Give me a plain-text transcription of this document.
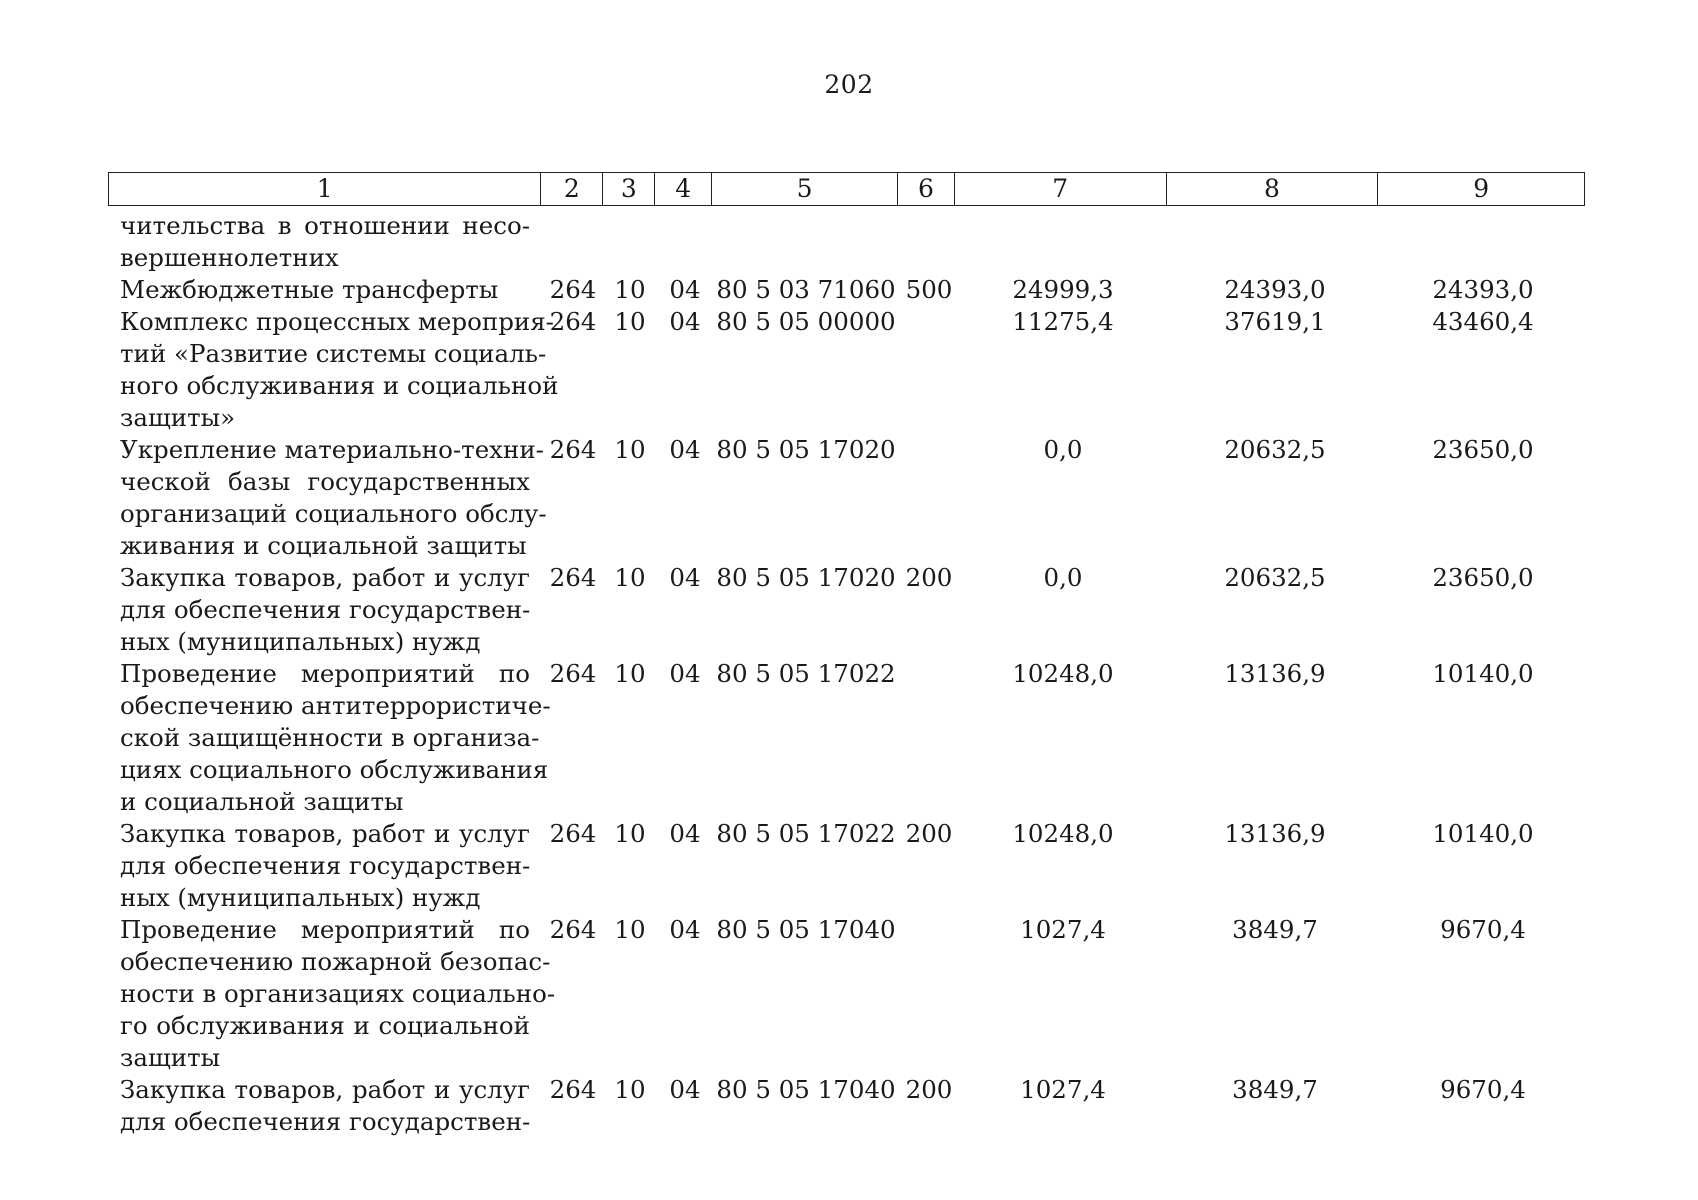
202
1	2	3	4	5	6	7	8	9
чительства в отношении несо-
вершеннолетних
Межбюджетные трансферты	264 10 04 80 5 03 71060 500	24999,3	24393,0	24393,0
Комплекс процессных мероприя-
тий «Развитие системы социаль-
ного обслуживания и социальной
защиты»
264 10 04 80 5 05 00000	11275,4	37619,1	43460,4
Укрепление материально-техни-
ческой базы государственных
организаций социального обслу-
живания и социальной защиты
264 10 04 80 5 05 17020	0,0	20632,5	23650,0
Закупка товаров, работ и услуг
для обеспечения государствен-
ных (муниципальных) нужд
264 10 04 80 5 05 17020 200	0,0	20632,5	23650,0
Проведение мероприятий по
обеспечению антитеррористиче-
ской защищённости в организа-
циях социального обслуживания
и социальной защиты
264 10 04 80 5 05 17022	10248,0	13136,9	10140,0
Закупка товаров, работ и услуг
для обеспечения государствен-
ных (муниципальных) нужд
264 10 04 80 5 05 17022 200	10248,0	13136,9	10140,0
Проведение мероприятий по
обеспечению пожарной безопас-
ности в организациях социально-
го обслуживания и социальной
защиты
264 10 04 80 5 05 17040	1027,4	3849,7	9670,4
Закупка товаров, работ и услуг
для обеспечения государствен-
264 10 04 80 5 05 17040 200	1027,4	3849,7	9670,4
